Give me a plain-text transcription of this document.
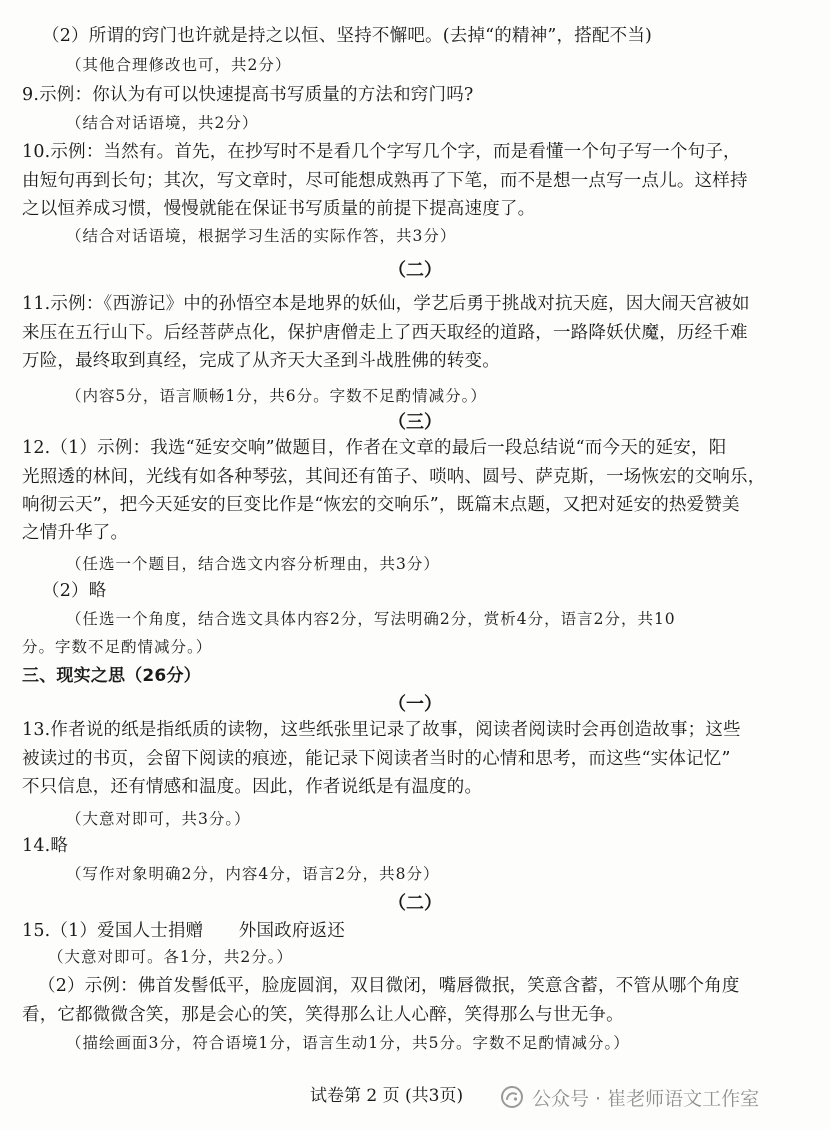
（2）所谓的窍门也许就是持之以恒、坚持不懈吧。(去掉“的精神”，搭配不当)
（其他合理修改也可，共2分）
9.示例：你认为有可以快速提高书写质量的方法和窍门吗?
（结合对话语境，共2分）
10.示例：当然有。首先，在抄写时不是看几个字写几个字，而是看懂一个句子写一个句子，
由短句再到长句；其次，写文章时，尽可能想成熟再了下笔，而不是想一点写一点儿。这样持
之以恒养成习惯，慢慢就能在保证书写质量的前提下提高速度了。
（结合对话语境，根据学习生活的实际作答，共3分）
（二）
11.示例：《西游记》中的孙悟空本是地界的妖仙，学艺后勇于挑战对抗天庭，因大闹天宫被如
来压在五行山下。后经菩萨点化，保护唐僧走上了西天取经的道路，一路降妖伏魔，历经千难
万险，最终取到真经，完成了从齐天大圣到斗战胜佛的转变。
（内容5分，语言顺畅1分，共6分。字数不足酌情减分。）
（三）
12.（1）示例：我选“延安交响”做题目，作者在文章的最后一段总结说“而今天的延安，阳
光照透的林间，光线有如各种琴弦，其间还有笛子、唢呐、圆号、萨克斯，一场恢宏的交响乐，
响彻云天”，把今天延安的巨变比作是“恢宏的交响乐”，既篇末点题，又把对延安的热爱赞美
之情升华了。
（任选一个题目，结合选文内容分析理由，共3分）
（2）略
（任选一个角度，结合选文具体内容2分，写法明确2分，赏析4分，语言2分，共10
分。字数不足酌情减分。）
三、现实之思（26分）
（一）
13.作者说的纸是指纸质的读物，这些纸张里记录了故事，阅读者阅读时会再创造故事；这些
被读过的书页，会留下阅读的痕迹，能记录下阅读者当时的心情和思考，而这些“实体记忆”
不只信息，还有情感和温度。因此，作者说纸是有温度的。
（大意对即可，共3分。）
14.略
（写作对象明确2分，内容4分，语言2分，共8分）
（二）
15.（1）爱国人士捐赠　　外国政府返还
（大意对即可。各1分，共2分。）
（2）示例：佛首发髻低平，脸庞圆润，双目微闭，嘴唇微抿，笑意含蓄，不管从哪个角度
看，它都微微含笑，那是会心的笑，笑得那么让人心醉，笑得那么与世无争。
（描绘画面3分，符合语境1分，语言生动1分，共5分。字数不足酌情减分。）
试卷第 2 页 (共3页)	公众号 · 崔老师语文工作室
